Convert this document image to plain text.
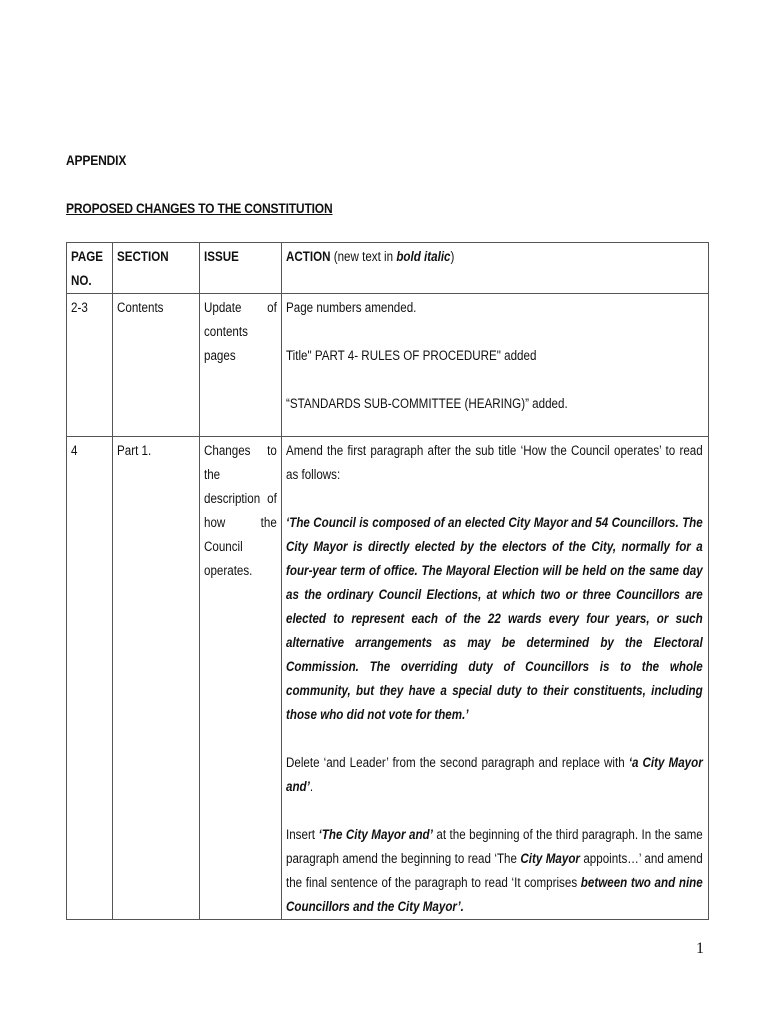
APPENDIX
PROPOSED CHANGES TO THE CONSTITUTION
PAGE NO.	SECTION	ISSUE	ACTION (new text in bold italic)

2-3	Contents	Update of contents pages	Page numbers amended.
Title" PART 4- RULES OF PROCEDURE" added
“STANDARDS SUB-COMMITTEE (HEARING)” added.

4	Part 1.	Changes to the description of how the Council operates.	Amend the first paragraph after the sub title ‘How the Council operates’ to read as follows:
‘The Council is composed of an elected City Mayor and 54 Councillors. The City Mayor is directly elected by the electors of the City, normally for a four-year term of office. The Mayoral Election will be held on the same day as the ordinary Council Elections, at which two or three Councillors are elected to represent each of the 22 wards every four years, or such alternative arrangements as may be determined by the Electoral Commission. The overriding duty of Councillors is to the whole community, but they have a special duty to their constituents, including those who did not vote for them.’
Delete ‘and Leader’ from the second paragraph and replace with ‘a City Mayor and’.
Insert ‘The City Mayor and’ at the beginning of the third paragraph. In the same paragraph amend the beginning to read ‘The City Mayor appoints…’ and amend the final sentence of the paragraph to read ‘It comprises between two and nine Councillors and the City Mayor’.
1
